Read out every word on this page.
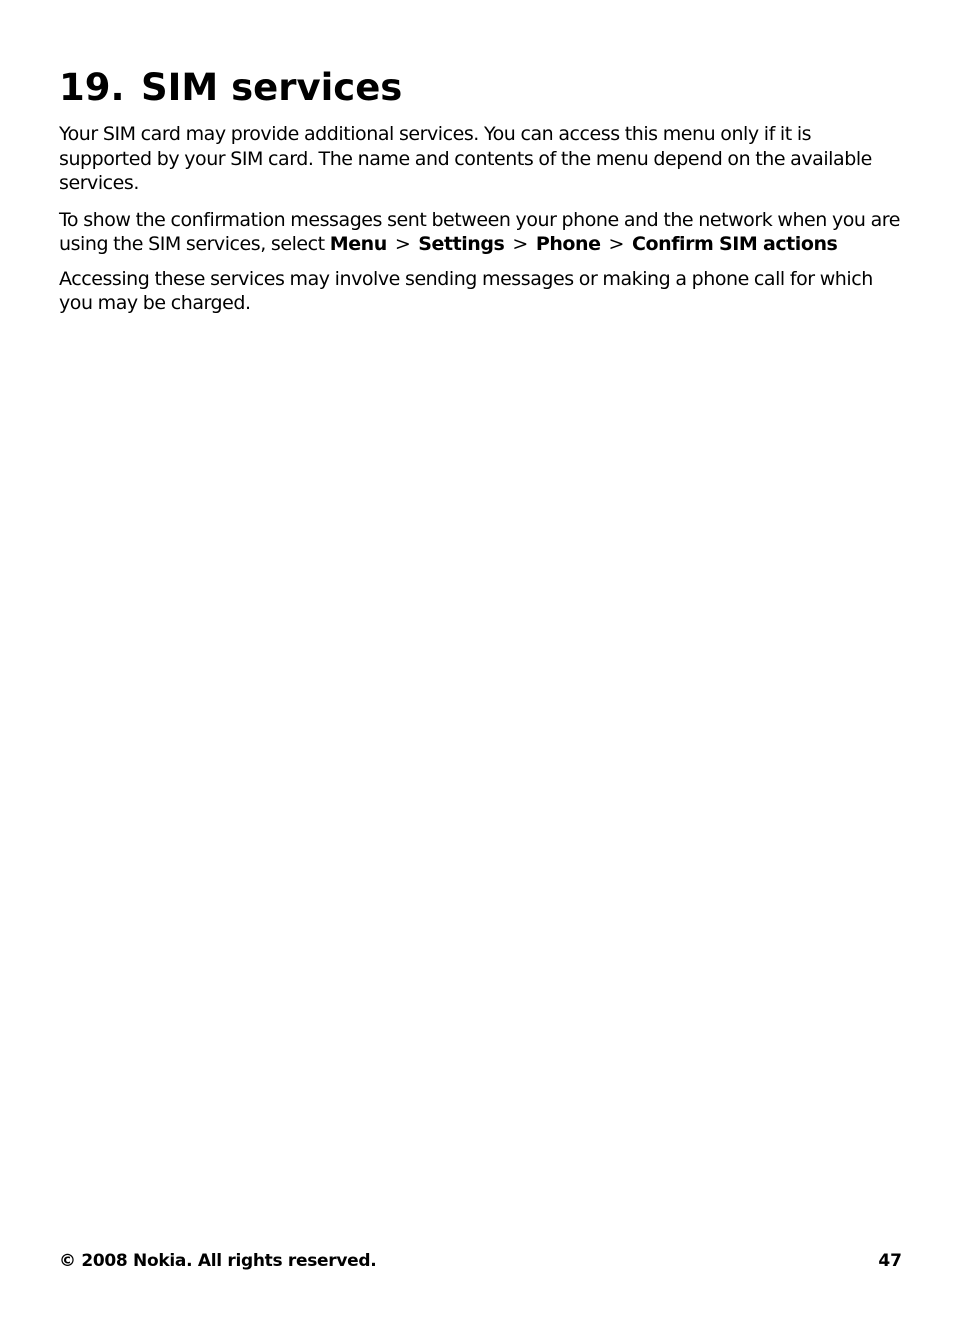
19. SIM services

Your SIM card may provide additional services. You can access this menu only if it is supported by your SIM card. The name and contents of the menu depend on the available services.

To show the confirmation messages sent between your phone and the network when you are using the SIM services, select Menu > Settings > Phone > Confirm SIM actions

Accessing these services may involve sending messages or making a phone call for which you may be charged.

© 2008 Nokia. All rights reserved.	47
